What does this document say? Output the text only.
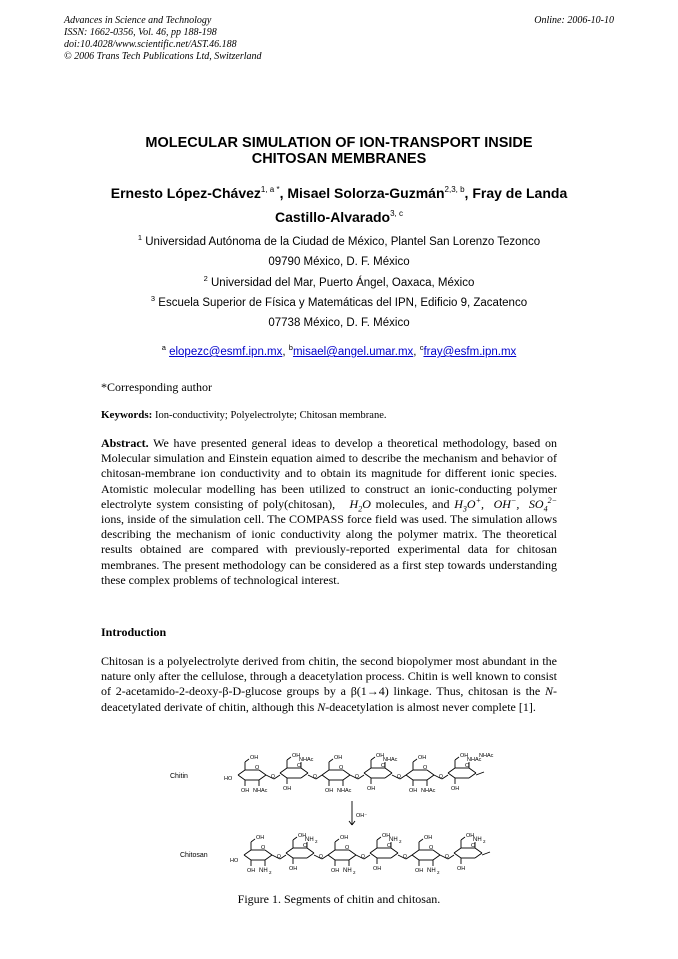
Advances in Science and Technology
ISSN: 1662-0356, Vol. 46, pp 188-198
doi:10.4028/www.scientific.net/AST.46.188
© 2006 Trans Tech Publications Ltd, Switzerland
Online: 2006-10-10
MOLECULAR SIMULATION OF ION-TRANSPORT INSIDE
CHITOSAN MEMBRANES
Ernesto López-Chávez$^{1, a *}$, Misael Solorza-Guzmán$^{2,3, b}$, Fray de Landa Castillo-Alvarado$^{3, c}$
$^1$ Universidad Autónoma de la Ciudad de México, Plantel San Lorenzo Tezonco
09790 México, D. F. México
$^2$ Universidad del Mar, Puerto Ángel, Oaxaca, México
$^3$ Escuela Superior de Física y Matemáticas del IPN, Edificio 9, Zacatenco
07738 México, D. F. México
$^a$ elopezc@esmf.ipn.mx, $^b$misael@angel.umar.mx, $^c$fray@esfm.ipn.mx
*Corresponding author
Keywords: Ion-conductivity; Polyelectrolyte; Chitosan membrane.
Abstract. We have presented general ideas to develop a theoretical methodology, based on Molecular simulation and Einstein equation aimed to describe the mechanism and behavior of chitosan-membrane ion conductivity and to obtain its magnitude for different ionic species. Atomistic molecular modelling has been utilized to construct an ionic-conducting polymer electrolyte system consisting of poly(chitosan),   $H_2O$ molecules, and $H_3O^+$,  OH−,  $SO_4^{2-}$ ions, inside of the simulation cell. The COMPASS force field was used. The simulation allows describing the mechanism of ionic conductivity along the polymer matrix. The theoretical results obtained are compared with previously-reported experimental data for chitosan membranes. The present methodology can be considered as a first step towards understanding these complex problems of technological interest.
Introduction
Chitosan is a polyelectrolyte derived from chitin, the second biopolymer most abundant in the nature only after the cellulose, through a deacetylation process. Chitin is well known to consist of 2-acetamido-2-deoxy-β-D-glucose groups by a β(1→4) linkage. Thus, chitosan is the N-deacetylated derivate of chitin, although this N-deacetylation is almost never complete [1].
Chitin	HO
O
OH
NHAc
OH
O
O
OH
NHAc
OH
O
O
OH
NHAc
OH
O
O
OH
NHAc
OH
O
O
OH
NHAc
OH
O
O
OH
NHAc
OH
NHAc
OH⁻
Chitosan
HO
O
OH
NH 2
OH
O
O
OH
NH 2
OH
O
O
OH
NH 2
OH
O
O
OH
NH 2
OH
O
O
OH
NH 2
OH
O
O
OH
NH 2
OH
Figure 1. Segments of chitin and chitosan.
